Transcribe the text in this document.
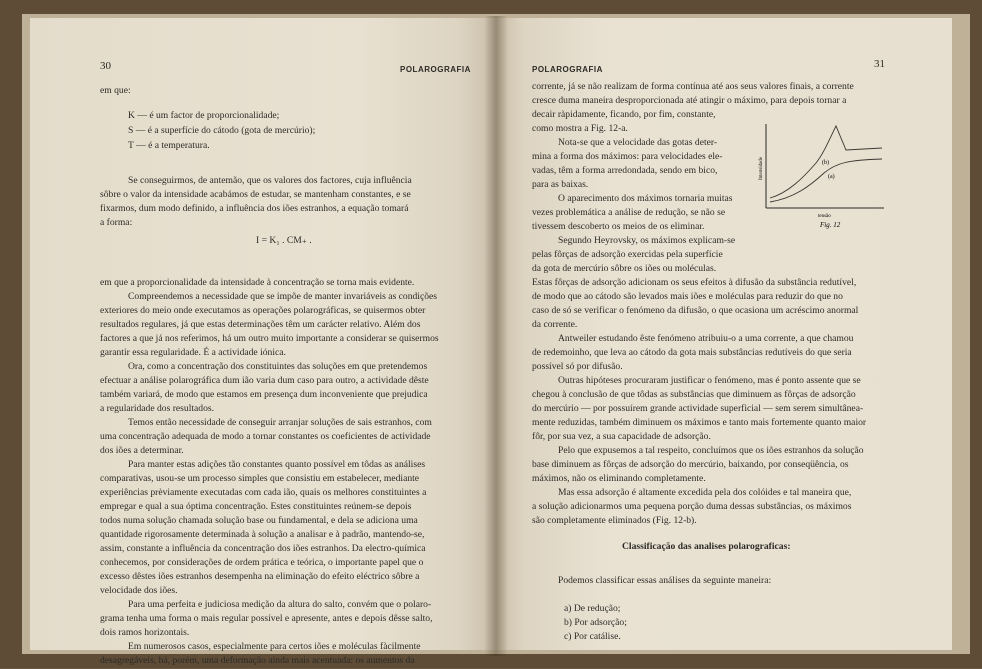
30	POLAROGRAFIA
em que:
K — é um factor de proporcionalidade;
S — é a superfície do cátodo (gota de mercúrio);
T — é a temperatura.
Se conseguirmos, de antemão, que os valores dos factores, cuja influência
sôbre o valor da intensidade acabámos de estudar, se mantenham constantes, e se
fixarmos, dum modo definido, a influência dos iões estranhos, a equação tomará
a forma:
I = K₁ . CM₊ .
em que a proporcionalidade da intensidade à concentração se torna mais evidente.
Compreendemos a necessidade que se impõe de manter invariáveis as condições
exteriores do meio onde executamos as operações polarográficas, se quisermos obter
resultados regulares, já que estas determinações têm um carácter relativo. Além dos
factores a que já nos referimos, há um outro muito importante a considerar se quisermos
garantir essa regularidade. É a actividade iónica.
Ora, como a concentração dos constituintes das soluções em que pretendemos
efectuar a análise polarográfica dum ião varia dum caso para outro, a actividade dêste
também variará, de modo que estamos em presença dum inconveniente que prejudica
a regularidade dos resultados.
Temos então necessidade de conseguir arranjar soluções de sais estranhos, com
uma concentração adequada de modo a tornar constantes os coeficientes de actividade
dos iões a determinar.
Para manter estas adições tão constantes quanto possível em tôdas as análises
comparativas, usou-se um processo simples que consistiu em estabelecer, mediante
experiências prèviamente executadas com cada ião, quais os melhores constituintes a
empregar e qual a sua óptima concentração. Estes constituintes reúnem-se depois
todos numa solução chamada solução base ou fundamental, e dela se adiciona uma
quantidade rigorosamente determinada à solução a analisar e à padrão, mantendo-se,
assim, constante a influência da concentração dos iões estranhos. Da electro-química
conhecemos, por considerações de ordem prática e teórica, o importante papel que o
excesso dêstes iões estranhos desempenha na eliminação do efeito eléctrico sôbre a
velocidade dos iões.
Para uma perfeita e judiciosa medição da altura do salto, convém que o polaro-
grama tenha uma forma o mais regular possível e apresente, antes e depois dêsse salto,
dois ramos horizontais.
Em numerosos casos, especialmente para certos iões e moléculas fàcilmente
desagregáveis, há, porém, uma deformação ainda mais acentuada: os aumentos da
POLAROGRAFIA	31
corrente, já se não realizam de forma contínua até aos seus valores finais, a corrente
cresce duma maneira desproporcionada até atingir o máximo, para depois tornar a
decair ràpidamente, ficando, por fim, constante,
como mostra a Fig. 12-a.
Nota-se que a velocidade das gotas deter-
mina a forma dos máximos: para velocidades ele-
vadas, têm a forma arredondada, sendo em bico,
para as baixas.
O aparecimento dos máximos tornaria muitas
vezes problemática a análise de redução, se não se
tivessem descoberto os meios de os eliminar.
Segundo Heyrovsky, os máximos explicam-se
pelas fôrças de adsorção exercidas pela superfície
da gota de mercúrio sôbre os iões ou moléculas.
Estas fôrças de adsorção adicionam os seus efeitos à difusão da substância redutível,
de modo que ao cátodo são levados mais iões e moléculas para reduzir do que no
caso de só se verificar o fenómeno da difusão, o que ocasiona um acréscimo anormal
da corrente.
Antweiler estudando êste fenómeno atribuiu-o a uma corrente, a que chamou
de redemoinho, que leva ao cátodo da gota mais substâncias redutíveis do que seria
possível só por difusão.
Outras hipóteses procuraram justificar o fenómeno, mas é ponto assente que se
chegou à conclusão de que tôdas as substâncias que diminuem as fôrças de adsorção
do mercúrio — por possuírem grande actividade superficial — sem serem simultânea-
mente reduzidas, também diminuem os máximos e tanto mais fortemente quanto maior
fôr, por sua vez, a sua capacidade de adsorção.
Pelo que expusemos a tal respeito, concluímos que os iões estranhos da solução
base diminuem as fôrças de adsorção do mercúrio, baixando, por conseqüência, os
máximos, não os eliminando completamente.
Mas essa adsorção é altamente excedida pela dos colóides e tal maneira que,
a solução adicionarmos uma pequena porção duma dessas substâncias, os máximos
são completamente eliminados (Fig. 12-b).
Classificação das analises polarograficas:
Podemos classificar essas análises da seguinte maneira:
a) De redução;
b) Por adsorção;
c) Por catálise.
(b)
(a)
Intensidade
tensão
Fig. 12
